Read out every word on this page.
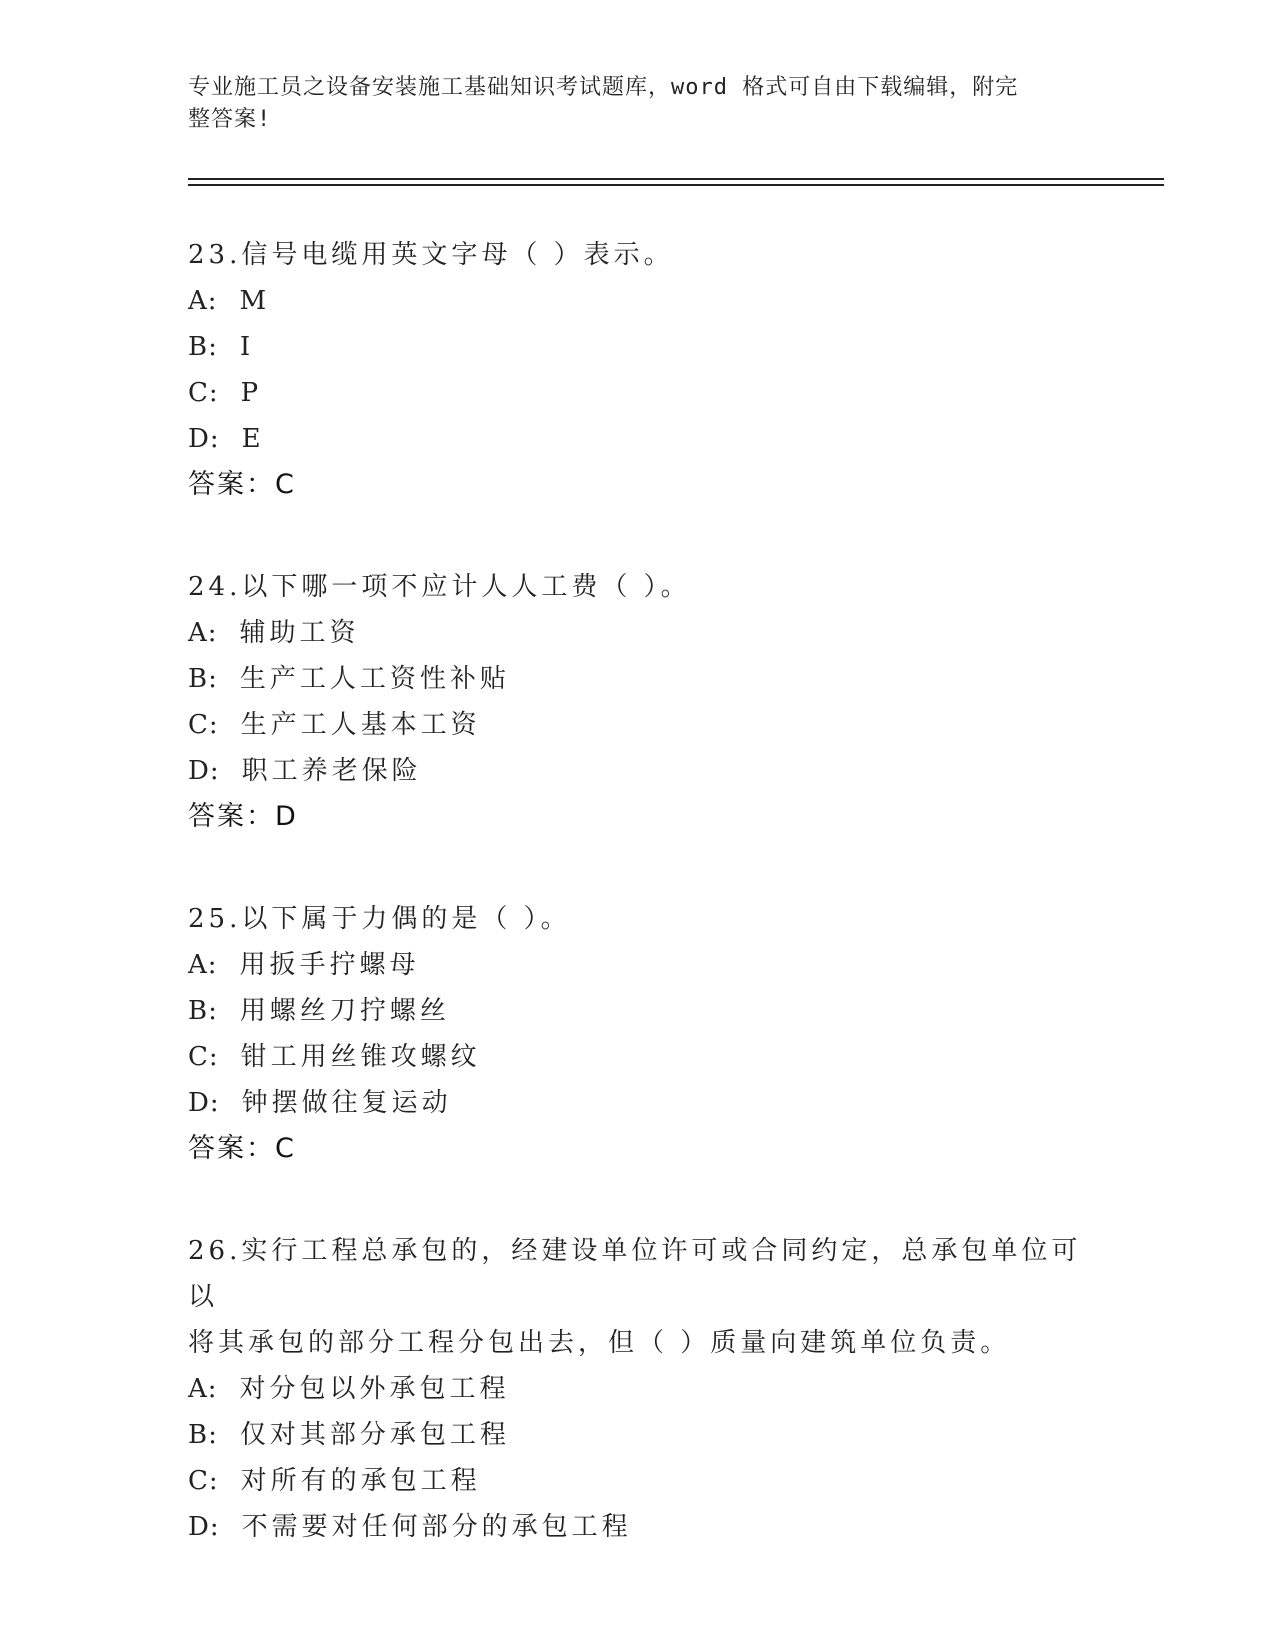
专业施工员之设备安装施工基础知识考试题库，word 格式可自由下载编辑，附完
整答案!

23.信号电缆用英文字母（ ）表示。

A: M

B: I

C: P

D: E

答案：C

24.以下哪一项不应计人人工费（ ）。

A: 辅助工资

B: 生产工人工资性补贴

C: 生产工人基本工资

D: 职工养老保险

答案：D

25.以下属于力偶的是（ ）。

A: 用扳手拧螺母

B: 用螺丝刀拧螺丝

C: 钳工用丝锥攻螺纹

D: 钟摆做往复运动

答案：C

26.实行工程总承包的，经建设单位许可或合同约定，总承包单位可以

将其承包的部分工程分包出去，但（ ）质量向建筑单位负责。

A: 对分包以外承包工程

B: 仅对其部分承包工程

C: 对所有的承包工程

D: 不需要对任何部分的承包工程
